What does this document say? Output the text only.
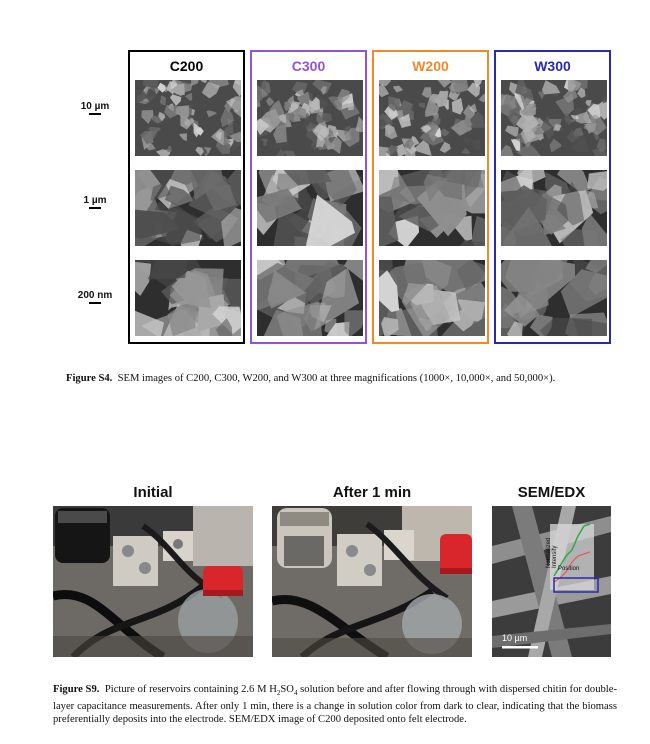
10 µm
1 µm
200 nm
C200	C300	W200	W300
Figure S4. SEM images of C200, C300, W200, and W300 at three magnifications (1000×, 10,000×, and 50,000×).
Initial	After 1 min	SEM/EDX
Normalized Intensity
Position
10 µm
Figure S9. Picture of reservoirs containing 2.6 M $H_2SO_4$ solution before and after flowing through with dispersed chitin for double-layer capacitance measurements. After only 1 min, there is a change in solution color from dark to clear, indicating that the biomass preferentially deposits into the electrode. SEM/EDX image of C200 deposited onto felt electrode.
